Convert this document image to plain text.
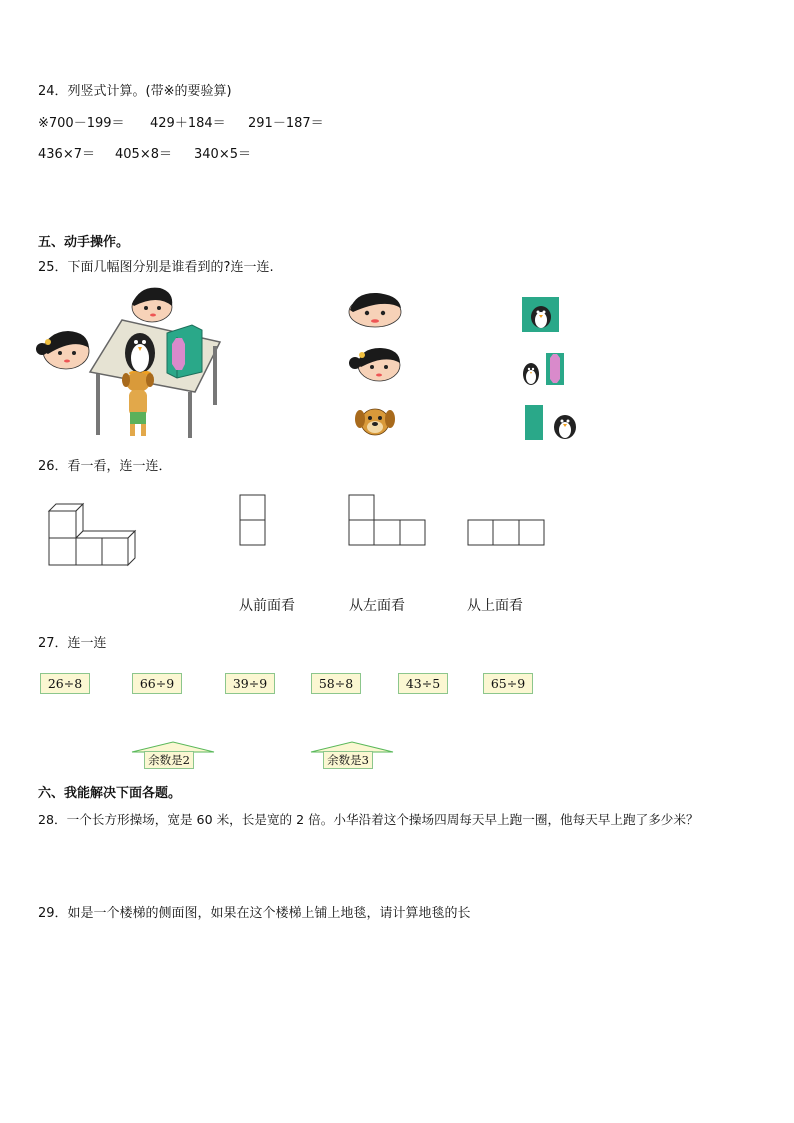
24．列竖式计算。(带※的要验算)
※700－199＝ 429＋184＝ 291－187＝
436×7＝ 405×8＝ 340×5＝
五、动手操作。
25．下面几幅图分别是谁看到的?连一连.
26．看一看，连一连．
从前面看	从左面看	从上面看
27．连一连
26÷8	66÷9	39÷9	58÷8	43÷5	65÷9
余数是2	余数是3
六、我能解决下面各题。
28．一个长方形操场，宽是 60 米，长是宽的 2 倍。小华沿着这个操场四周每天早上跑一圈，他每天早上跑了多少米？
29．如是一个楼梯的侧面图，如果在这个楼梯上铺上地毯，请计算地毯的长
